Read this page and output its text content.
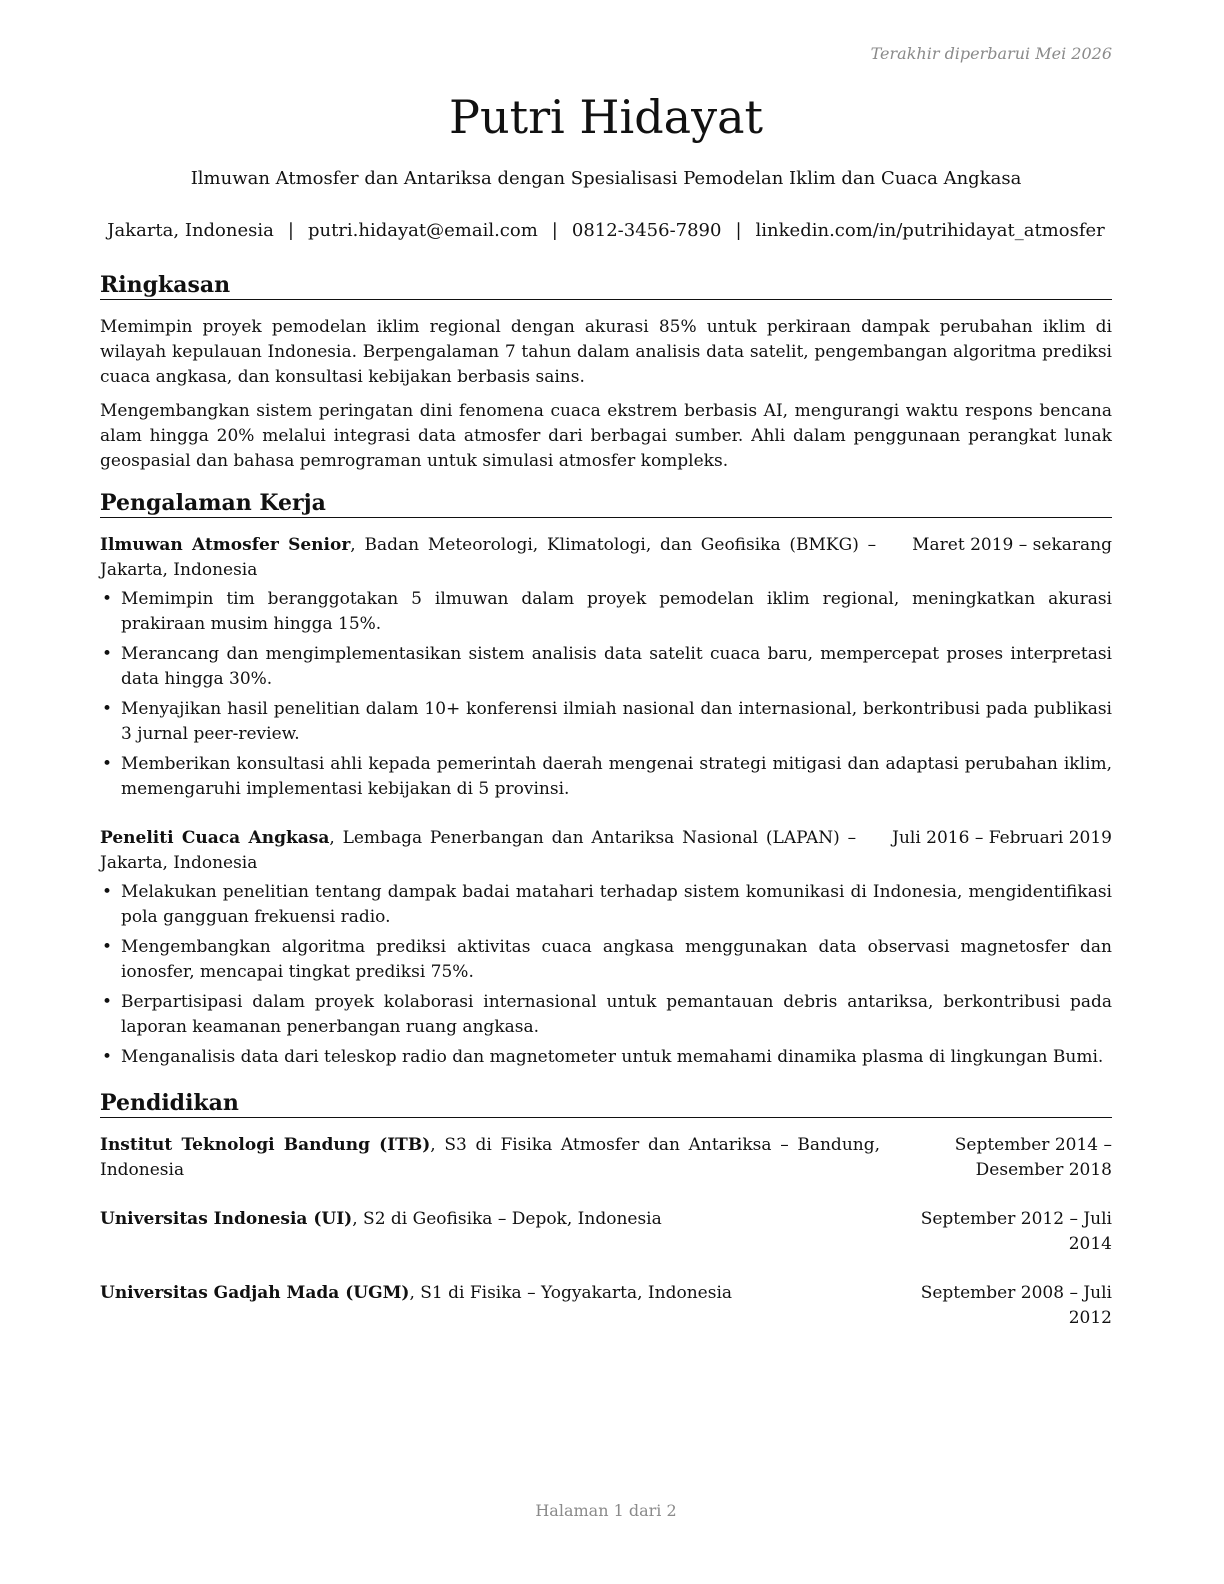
Terakhir diperbarui Mei 2026
Putri Hidayat
Ilmuwan Atmosfer dan Antariksa dengan Spesialisasi Pemodelan Iklim dan Cuaca Angkasa
Jakarta, Indonesia | putri.hidayat@email.com | 0812-3456-7890 | linkedin.com/in/putrihidayat_atmosfer
Ringkasan

Memimpin proyek pemodelan iklim regional dengan akurasi 85% untuk perkiraan dampak perubahan iklim di wilayah kepulauan Indonesia. Berpengalaman 7 tahun dalam analisis data satelit, pengembangan algoritma prediksi cuaca angkasa, dan konsultasi kebijakan berbasis sains.

Mengembangkan sistem peringatan dini fenomena cuaca ekstrem berbasis AI, mengurangi waktu respons bencana alam hingga 20% melalui integrasi data atmosfer dari berbagai sumber. Ahli dalam penggunaan perangkat lunak geospasial dan bahasa pemrograman untuk simulasi atmosfer kompleks.

Pengalaman Kerja
Ilmuwan Atmosfer Senior, Badan Meteorologi, Klimatologi, dan Geofisika (BMKG) – Jakarta, Indonesia
Maret 2019 – sekarang
• Memimpin tim beranggotakan 5 ilmuwan dalam proyek pemodelan iklim regional, meningkatkan akurasi prakiraan musim hingga 15%.
• Merancang dan mengimplementasikan sistem analisis data satelit cuaca baru, mempercepat proses interpretasi data hingga 30%.
• Menyajikan hasil penelitian dalam 10+ konferensi ilmiah nasional dan internasional, berkontribusi pada publikasi 3 jurnal peer-review.
• Memberikan konsultasi ahli kepada pemerintah daerah mengenai strategi mitigasi dan adaptasi perubahan iklim, memengaruhi implementasi kebijakan di 5 provinsi.
Peneliti Cuaca Angkasa, Lembaga Penerbangan dan Antariksa Nasional (LAPAN) – Jakarta, Indonesia
Juli 2016 – Februari 2019
• Melakukan penelitian tentang dampak badai matahari terhadap sistem komunikasi di Indonesia, mengidentifikasi pola gangguan frekuensi radio.
• Mengembangkan algoritma prediksi aktivitas cuaca angkasa menggunakan data observasi magnetosfer dan ionosfer, mencapai tingkat prediksi 75%.
• Berpartisipasi dalam proyek kolaborasi internasional untuk pemantauan debris antariksa, berkontribusi pada laporan keamanan penerbangan ruang angkasa.
• Menganalisis data dari teleskop radio dan magnetometer untuk memahami dinamika plasma di lingkungan Bumi.
Pendidikan
Institut Teknologi Bandung (ITB), S3 di Fisika Atmosfer dan Antariksa – Bandung, Indonesia
September 2014 – Desember 2018
Universitas Indonesia (UI), S2 di Geofisika – Depok, Indonesia	September 2012 – Juli 2014
Universitas Gadjah Mada (UGM), S1 di Fisika – Yogyakarta, Indonesia	September 2008 – Juli 2012
Halaman 1 dari 2
